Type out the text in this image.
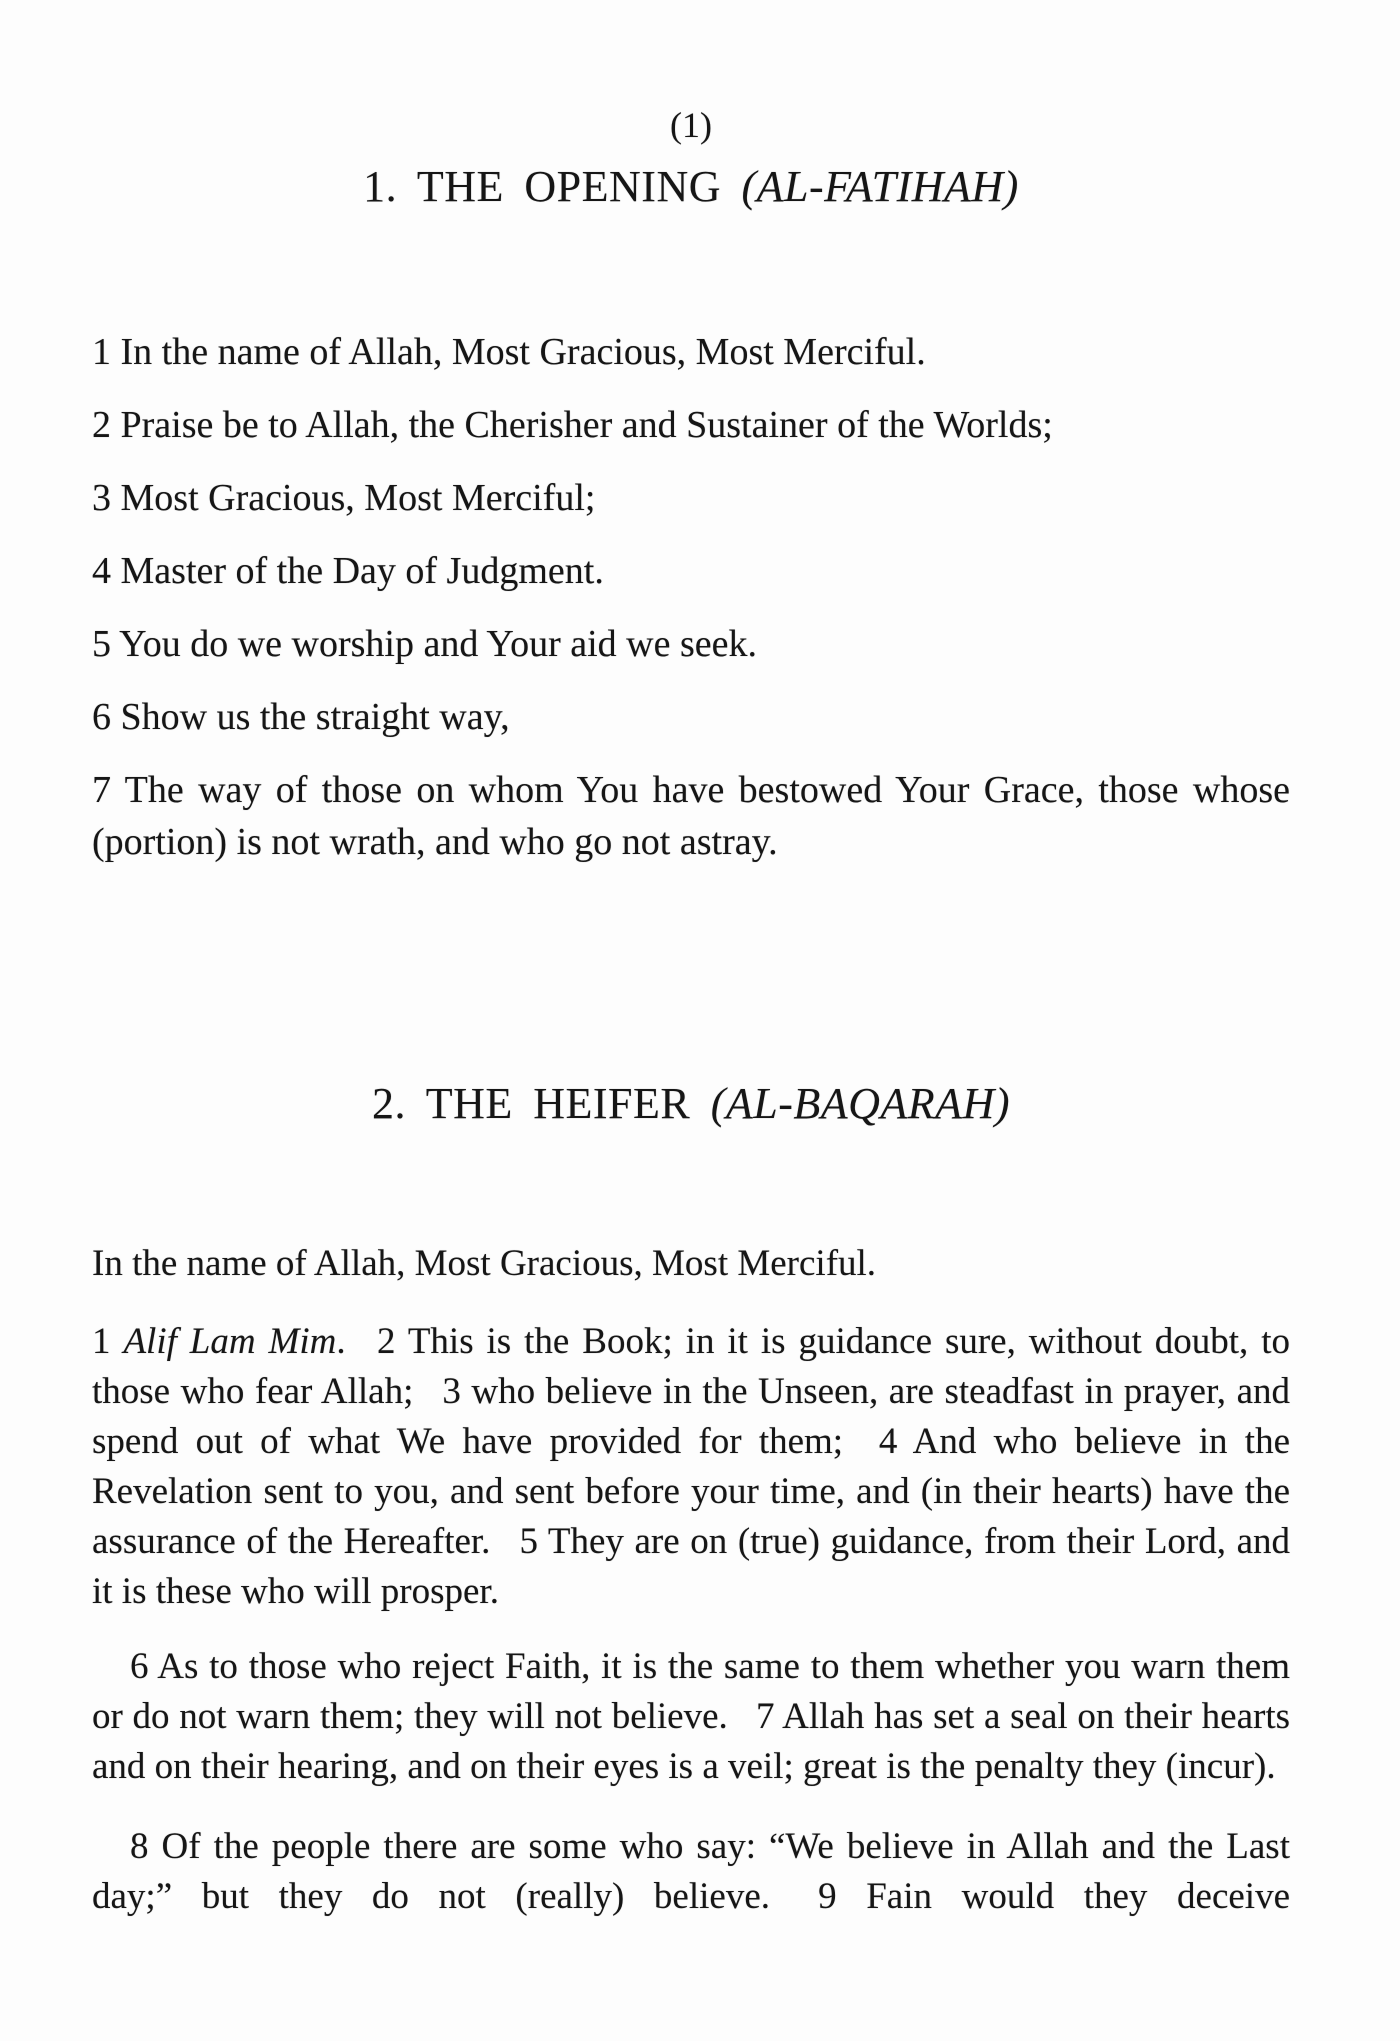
(1)
1. THE OPENING (AL-FATIHAH)

1 In the name of Allah, Most Gracious, Most Merciful.

2 Praise be to Allah, the Cherisher and Sustainer of the Worlds;

3 Most Gracious, Most Merciful;

4 Master of the Day of Judgment.

5 You do we worship and Your aid we seek.

6 Show us the straight way,

7 The way of those on whom You have bestowed Your Grace, those whose (portion) is not wrath, and who go not astray.

2. THE HEIFER (AL-BAQARAH)

In the name of Allah, Most Gracious, Most Merciful.

1 Alif Lam Mim.  2 This is the Book; in it is guidance sure, without doubt, to those who fear Allah;  3 who believe in the Unseen, are steadfast in prayer, and spend out of what We have provided for them;  4 And who believe in the Revelation sent to you, and sent before your time, and (in their hearts) have the assurance of the Hereafter.  5 They are on (true) guidance, from their Lord, and it is these who will prosper.

6 As to those who reject Faith, it is the same to them whether you warn them or do not warn them; they will not believe.  7 Allah has set a seal on their hearts and on their hearing, and on their eyes is a veil; great is the penalty they (incur).

8 Of the people there are some who say: “We believe in Allah and the Last day;” but they do not (really) believe.  9 Fain would they deceive
